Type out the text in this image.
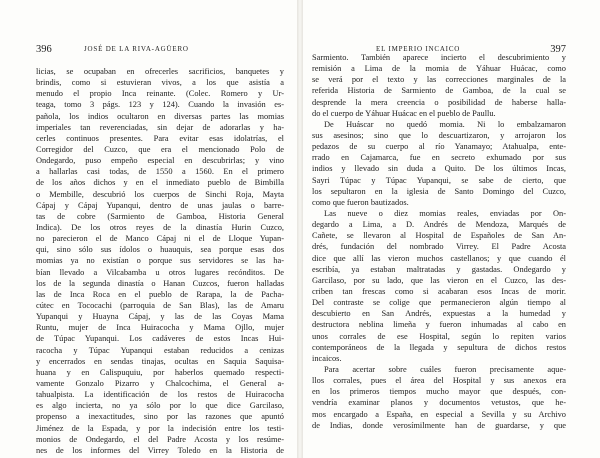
396	JOSÉ DE LA RIVA-AGÜERO
licias, se ocupaban en ofrecerles sacrificios, banquetes y
brindis, como si estuvieran vivos, a los que asistía a
menudo el propio Inca reinante. (Colec. Romero y Ur-
teaga, tomo 3 págs. 123 y 124). Cuando la invasión es-
pañola, los indios ocultaron en diversas partes las momias
imperiales tan reverenciadas, sin dejar de adorarlas y ha-
cerles continuos presentes. Para evitar esas idolatrías, el
Corregidor del Cuzco, que era el mencionado Polo de
Ondegardo, puso empeño especial en descubrirlas; y vino
a hallarlas casi todas, de 1550 a 1560. En el primero
de los años dichos y en el inmediato pueblo de Bimbilla
o Membille, descubrió los cuerpos de Sinchi Roja, Mayta
Cápaj y Cápaj Yupanqui, dentro de unas jaulas o barre-
tas de cobre (Sarmiento de Gamboa, Historia General
Indica). De los otros reyes de la dinastía Hurin Cuzco,
no parecieron el de Manco Cápaj ni el de Lloque Yupan-
qui, sino sólo sus ídolos o huauquis, sea porque esas dos
momias ya no existían o porque sus servidores se las ha-
bían llevado a Vilcabamba u otros lugares recónditos. De
los de la segunda dinastía o Hanan Cuzcos, fueron halladas
las de Inca Roca en el pueblo de Rarapa, la de Pacha-
cútec en Tococachi (parroquia de San Blas), las de Amaru
Yupanqui y Huayna Cápaj, y las de las Coyas Mama
Runtu, mujer de Inca Huiracocha y Mama Ojllo, mujer
de Túpac Yupanqui. Los cadáveres de estos Incas Hui-
racocha y Túpac Yupanqui estaban reducidos a cenizas
y encerrados en sendas tinajas, ocultas en Saquia Saquisa-
huana y en Calispuquiu, por haberlos quemado respecti-
vamente Gonzalo Pizarro y Chalcochima, el General a-
tahualpista. La identificación de los restos de Huiracocha
es algo incierta, no ya sólo por lo que dice Garcilaso,
propenso a inexactitudes, sino por las razones que apuntó
Jiménez de la Espada, y por la indecisión entre los testi-
monios de Ondegardo, el del Padre Acosta y los resúme-
nes de los informes del Virrey Toledo en la Historia de
EL IMPERIO INCAICO	397
Sarmiento. También aparece incierto el descubrimiento y
remisión a Lima de la momia de Yáhuar Huácac, como
se verá por el texto y las correcciones marginales de la
referida Historia de Sarmiento de Gamboa, de la cual se
desprende la mera creencia o posibilidad de haberse halla-
do el cuerpo de Yáhuar Huácac en el pueblo de Paullu.
De Huáscar no quedó momia. Ni lo embalzamaron
sus asesinos; sino que lo descuartizaron, y arrojaron los
pedazos de su cuerpo al río Yanamayo; Atahualpa, ente-
rrado en Cajamarca, fue en secreto exhumado por sus
indios y llevado sin duda a Quito. De los últimos Incas,
Sayri Túpac y Túpac Yupanqui, se sabe de cierto, que
los sepultaron en la iglesia de Santo Domingo del Cuzco,
como que fueron bautizados.
Las nueve o diez momias reales, enviadas por On-
degardo a Lima, a D. Andrés de Mendoza, Marqués de
Cañete, se llevaron al Hospital de Españoles de San An-
drés, fundación del nombrado Virrey. El Padre Acosta
dice que allí las vieron muchos castellanos; y que cuando él
escribía, ya estaban maltratadas y gastadas. Ondegardo y
Garcilaso, por su lado, que las vieron en el Cuzco, las des-
criben tan frescas como si acabaran esos Incas de morir.
Del contraste se colige que permanecieron algún tiempo al
descubierto en San Andrés, expuestas a la humedad y
destructora neblina limeña y fueron inhumadas al cabo en
unos corrales de ese Hospital, según lo repiten varios
contemporáneos de la llegada y sepultura de dichos restos
incaicos.
Para acertar sobre cuáles fueron precisamente aque-
llos corrales, pues el área del Hospital y sus anexos era
en los primeros tiempos mucho mayor que después, con-
vendría examinar planos y documentos vetustos, que he-
mos encargado a España, en especial a Sevilla y su Archivo
de Indias, donde verosímilmente han de guardarse, y que
